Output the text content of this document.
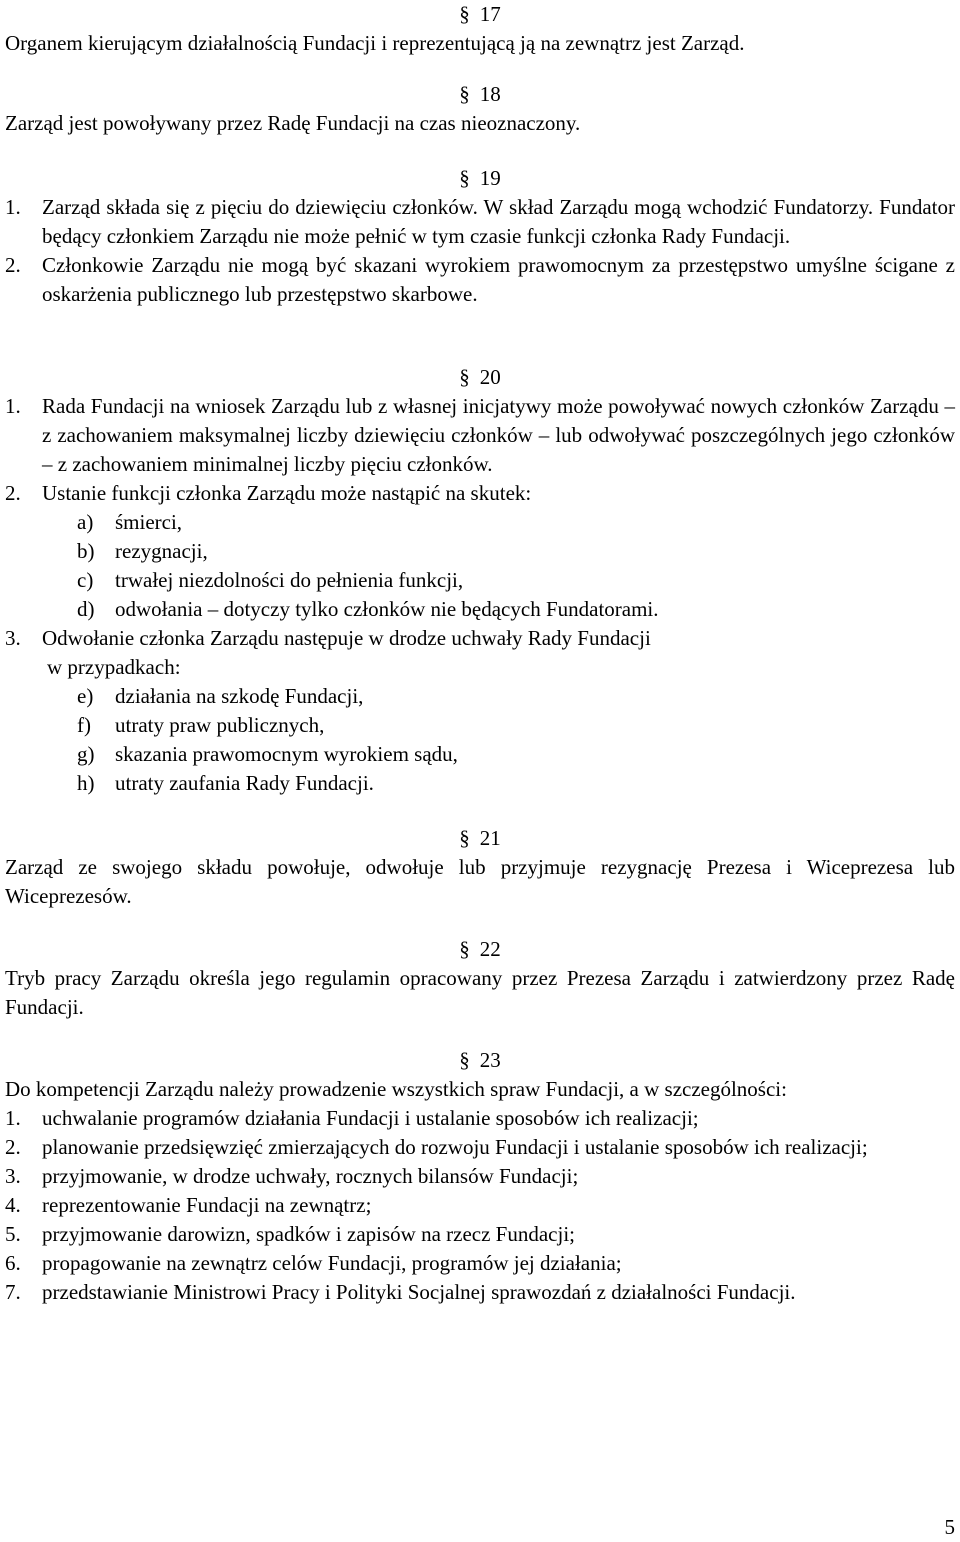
§ 17

Organem kierującym działalnością Fundacji i reprezentującą ją na zewnątrz jest Zarząd.

§ 18

Zarząd jest powoływany przez Radę Fundacji na czas nieoznaczony.

§ 19

1.	Zarząd składa się z pięciu do dziewięciu członków. W skład Zarządu mogą wchodzić Fundatorzy. Fundator będący członkiem Zarządu nie może pełnić w tym czasie funkcji członka Rady Fundacji.
2.	Członkowie Zarządu nie mogą być skazani wyrokiem prawomocnym za przestępstwo umyślne ścigane z oskarżenia publicznego lub przestępstwo skarbowe.

§ 20

1.	Rada Fundacji na wniosek Zarządu lub z własnej inicjatywy może powoływać nowych członków Zarządu – z zachowaniem maksymalnej liczby dziewięciu członków – lub odwoływać poszczególnych jego członków – z zachowaniem minimalnej liczby pięciu członków.
2.	Ustanie funkcji członka Zarządu może nastąpić na skutek:
a)	śmierci,
b) rezygnacji,
c)	trwałej niezdolności do pełnienia funkcji,
d) odwołania – dotyczy tylko członków nie będących Fundatorami.
3.	Odwołanie członka Zarządu następuje w drodze uchwały Rady Fundacji

w przypadkach:

e)	działania na szkodę Fundacji,
f)	utraty praw publicznych,
g) skazania prawomocnym wyrokiem sądu,
h) utraty zaufania Rady Fundacji.

§ 21

Zarząd ze swojego składu powołuje, odwołuje lub przyjmuje rezygnację Prezesa i Wiceprezesa lub Wiceprezesów.

§ 22

Tryb pracy Zarządu określa jego regulamin opracowany przez Prezesa Zarządu i zatwierdzony przez Radę Fundacji.

§ 23

Do kompetencji Zarządu należy prowadzenie wszystkich spraw Fundacji, a w szczególności:

1.	uchwalanie programów działania Fundacji i ustalanie sposobów ich realizacji;
2.	planowanie przedsięwzięć zmierzających do rozwoju Fundacji i ustalanie sposobów ich realizacji;
3.	przyjmowanie, w drodze uchwały, rocznych bilansów Fundacji;
4.	reprezentowanie Fundacji na zewnątrz;
5.	przyjmowanie darowizn, spadków i zapisów na rzecz Fundacji;
6.	propagowanie na zewnątrz celów Fundacji, programów jej działania;
7.	przedstawianie Ministrowi Pracy i Polityki Socjalnej sprawozdań z działalności Fundacji.
5
